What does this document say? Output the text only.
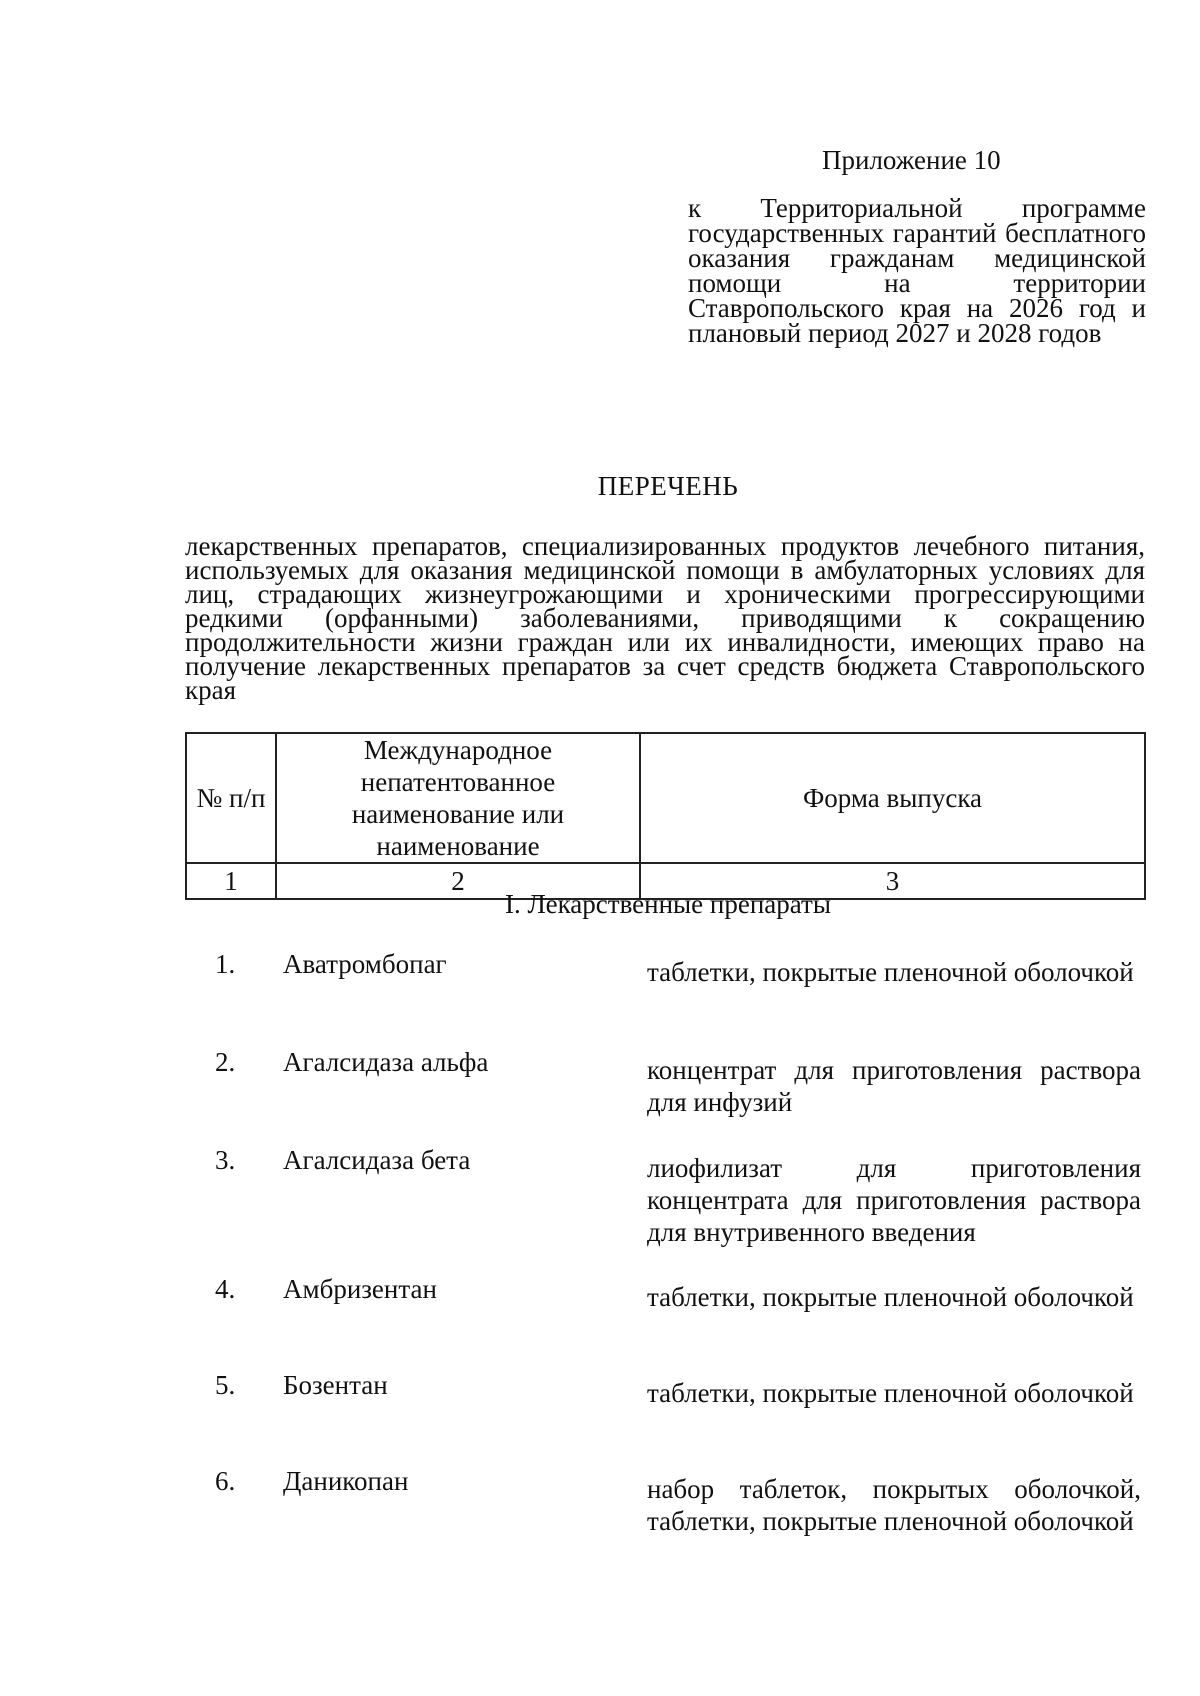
Приложение 10
к Территориальной программе государственных гарантий бесплатного оказания гражданам медицинской помощи на территории Ставропольского края на 2026 год и плановый период 2027 и 2028 годов
ПЕРЕЧЕНЬ
лекарственных препаратов, специализированных продуктов лечебного питания, используемых для оказания медицинской помощи в амбулаторных условиях для лиц, страдающих жизнеугрожающими и хроническими прогрессирующими редкими (орфанными) заболеваниями, приводящими к сокращению продолжительности жизни граждан или их инвалидности, имеющих право на получение лекарственных препаратов за счет средств бюджета Ставропольского края
№ п/п	Международное непатентованное наименование или наименование	Форма выпуска
1	2	3
I. Лекарственные препараты
1.	Аватромбопаг	таблетки, покрытые пленочной оболочкой
2.	Агалсидаза альфа	концентрат для приготовления раствора для инфузий
3.	Агалсидаза бета	лиофилизат для приготовления концентрата для приготовления раствора для внутривенного введения
4.	Амбризентан	таблетки, покрытые пленочной оболочкой
5.	Бозентан	таблетки, покрытые пленочной оболочкой
6.	Даникопан	набор таблеток, покрытых оболочкой, таблетки, покрытые пленочной оболочкой
